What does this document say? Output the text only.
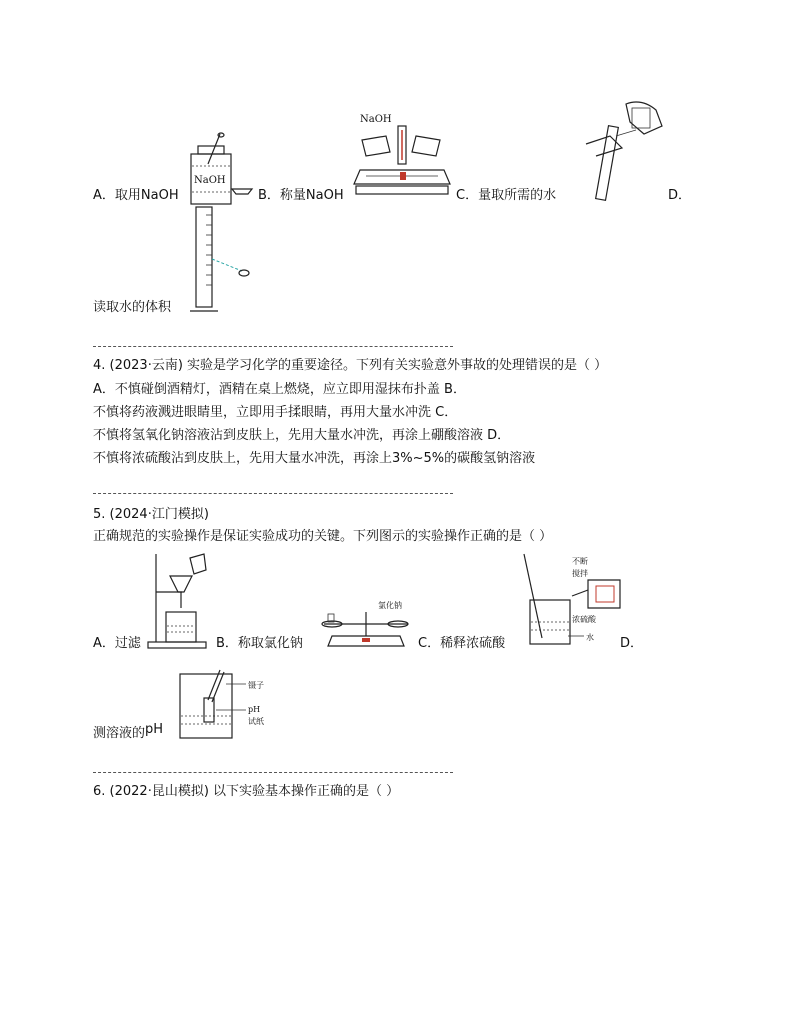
NaOH
NaOH
A．取用NaOH	B．称量NaOH	C．量取所需的水	D．
读取水的体积
4. (2023·云南) 实验是学习化学的重要途径。下列有关实验意外事故的处理错误的是（ ）
A．不慎碰倒酒精灯，酒精在桌上燃烧，应立即用湿抹布扑盖 B．
不慎将药液溅进眼睛里，立即用手揉眼睛，再用大量水冲洗 C．
不慎将氢氧化钠溶液沾到皮肤上，先用大量水冲洗，再涂上硼酸溶液 D．
不慎将浓硫酸沾到皮肤上，先用大量水冲洗，再涂上3%~5%的碳酸氢钠溶液
5. (2024·江门模拟)
正确规范的实验操作是保证实验成功的关键。下列图示的实验操作正确的是（ ）
氯化钠
不断
搅拌
浓硫酸
水
A．过滤	B．称取氯化钠	C．稀释浓硫酸	D．
镊子
pH
试纸
测溶液的pH
6. (2022·昆山模拟) 以下实验基本操作正确的是（ ）
